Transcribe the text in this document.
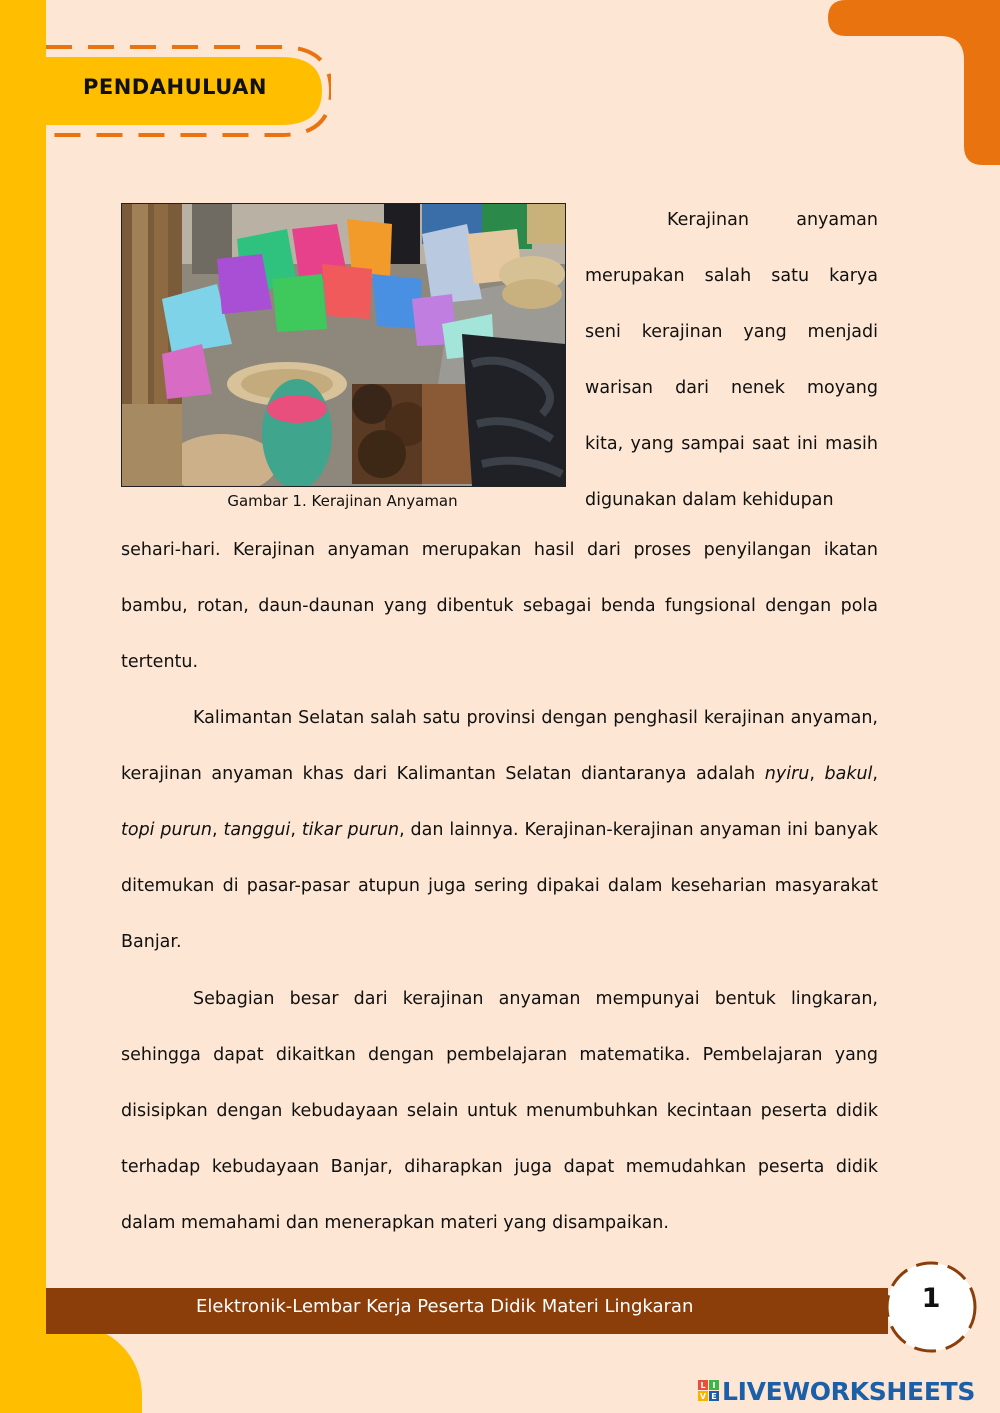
PENDAHULUAN
Gambar 1. Kerajinan Anyaman
Kerajinan anyaman
merupakan salah satu karya
seni kerajinan yang menjadi
warisan dari nenek moyang
kita, yang sampai saat ini masih
digunakan dalam kehidupan

sehari-hari. Kerajinan anyaman merupakan hasil dari proses penyilangan ikatan bambu, rotan, daun-daunan yang dibentuk sebagai benda fungsional dengan pola tertentu.

Kalimantan Selatan salah satu provinsi dengan penghasil kerajinan anyaman, kerajinan anyaman khas dari Kalimantan Selatan diantaranya adalah nyiru, bakul, topi purun, tanggui, tikar purun, dan lainnya. Kerajinan-kerajinan anyaman ini banyak ditemukan di pasar-pasar atupun juga sering dipakai dalam keseharian masyarakat Banjar.

Sebagian besar dari kerajinan anyaman mempunyai bentuk lingkaran, sehingga dapat dikaitkan dengan pembelajaran matematika. Pembelajaran yang disisipkan dengan kebudayaan selain untuk menumbuhkan kecintaan peserta didik terhadap kebudayaan Banjar, diharapkan juga dapat memudahkan peserta didik dalam memahami dan menerapkan materi yang disampaikan.

Elektronik-Lembar Kerja Peserta Didik Materi Lingkaran	1
L I
V E LIVEWORKSHEETS
